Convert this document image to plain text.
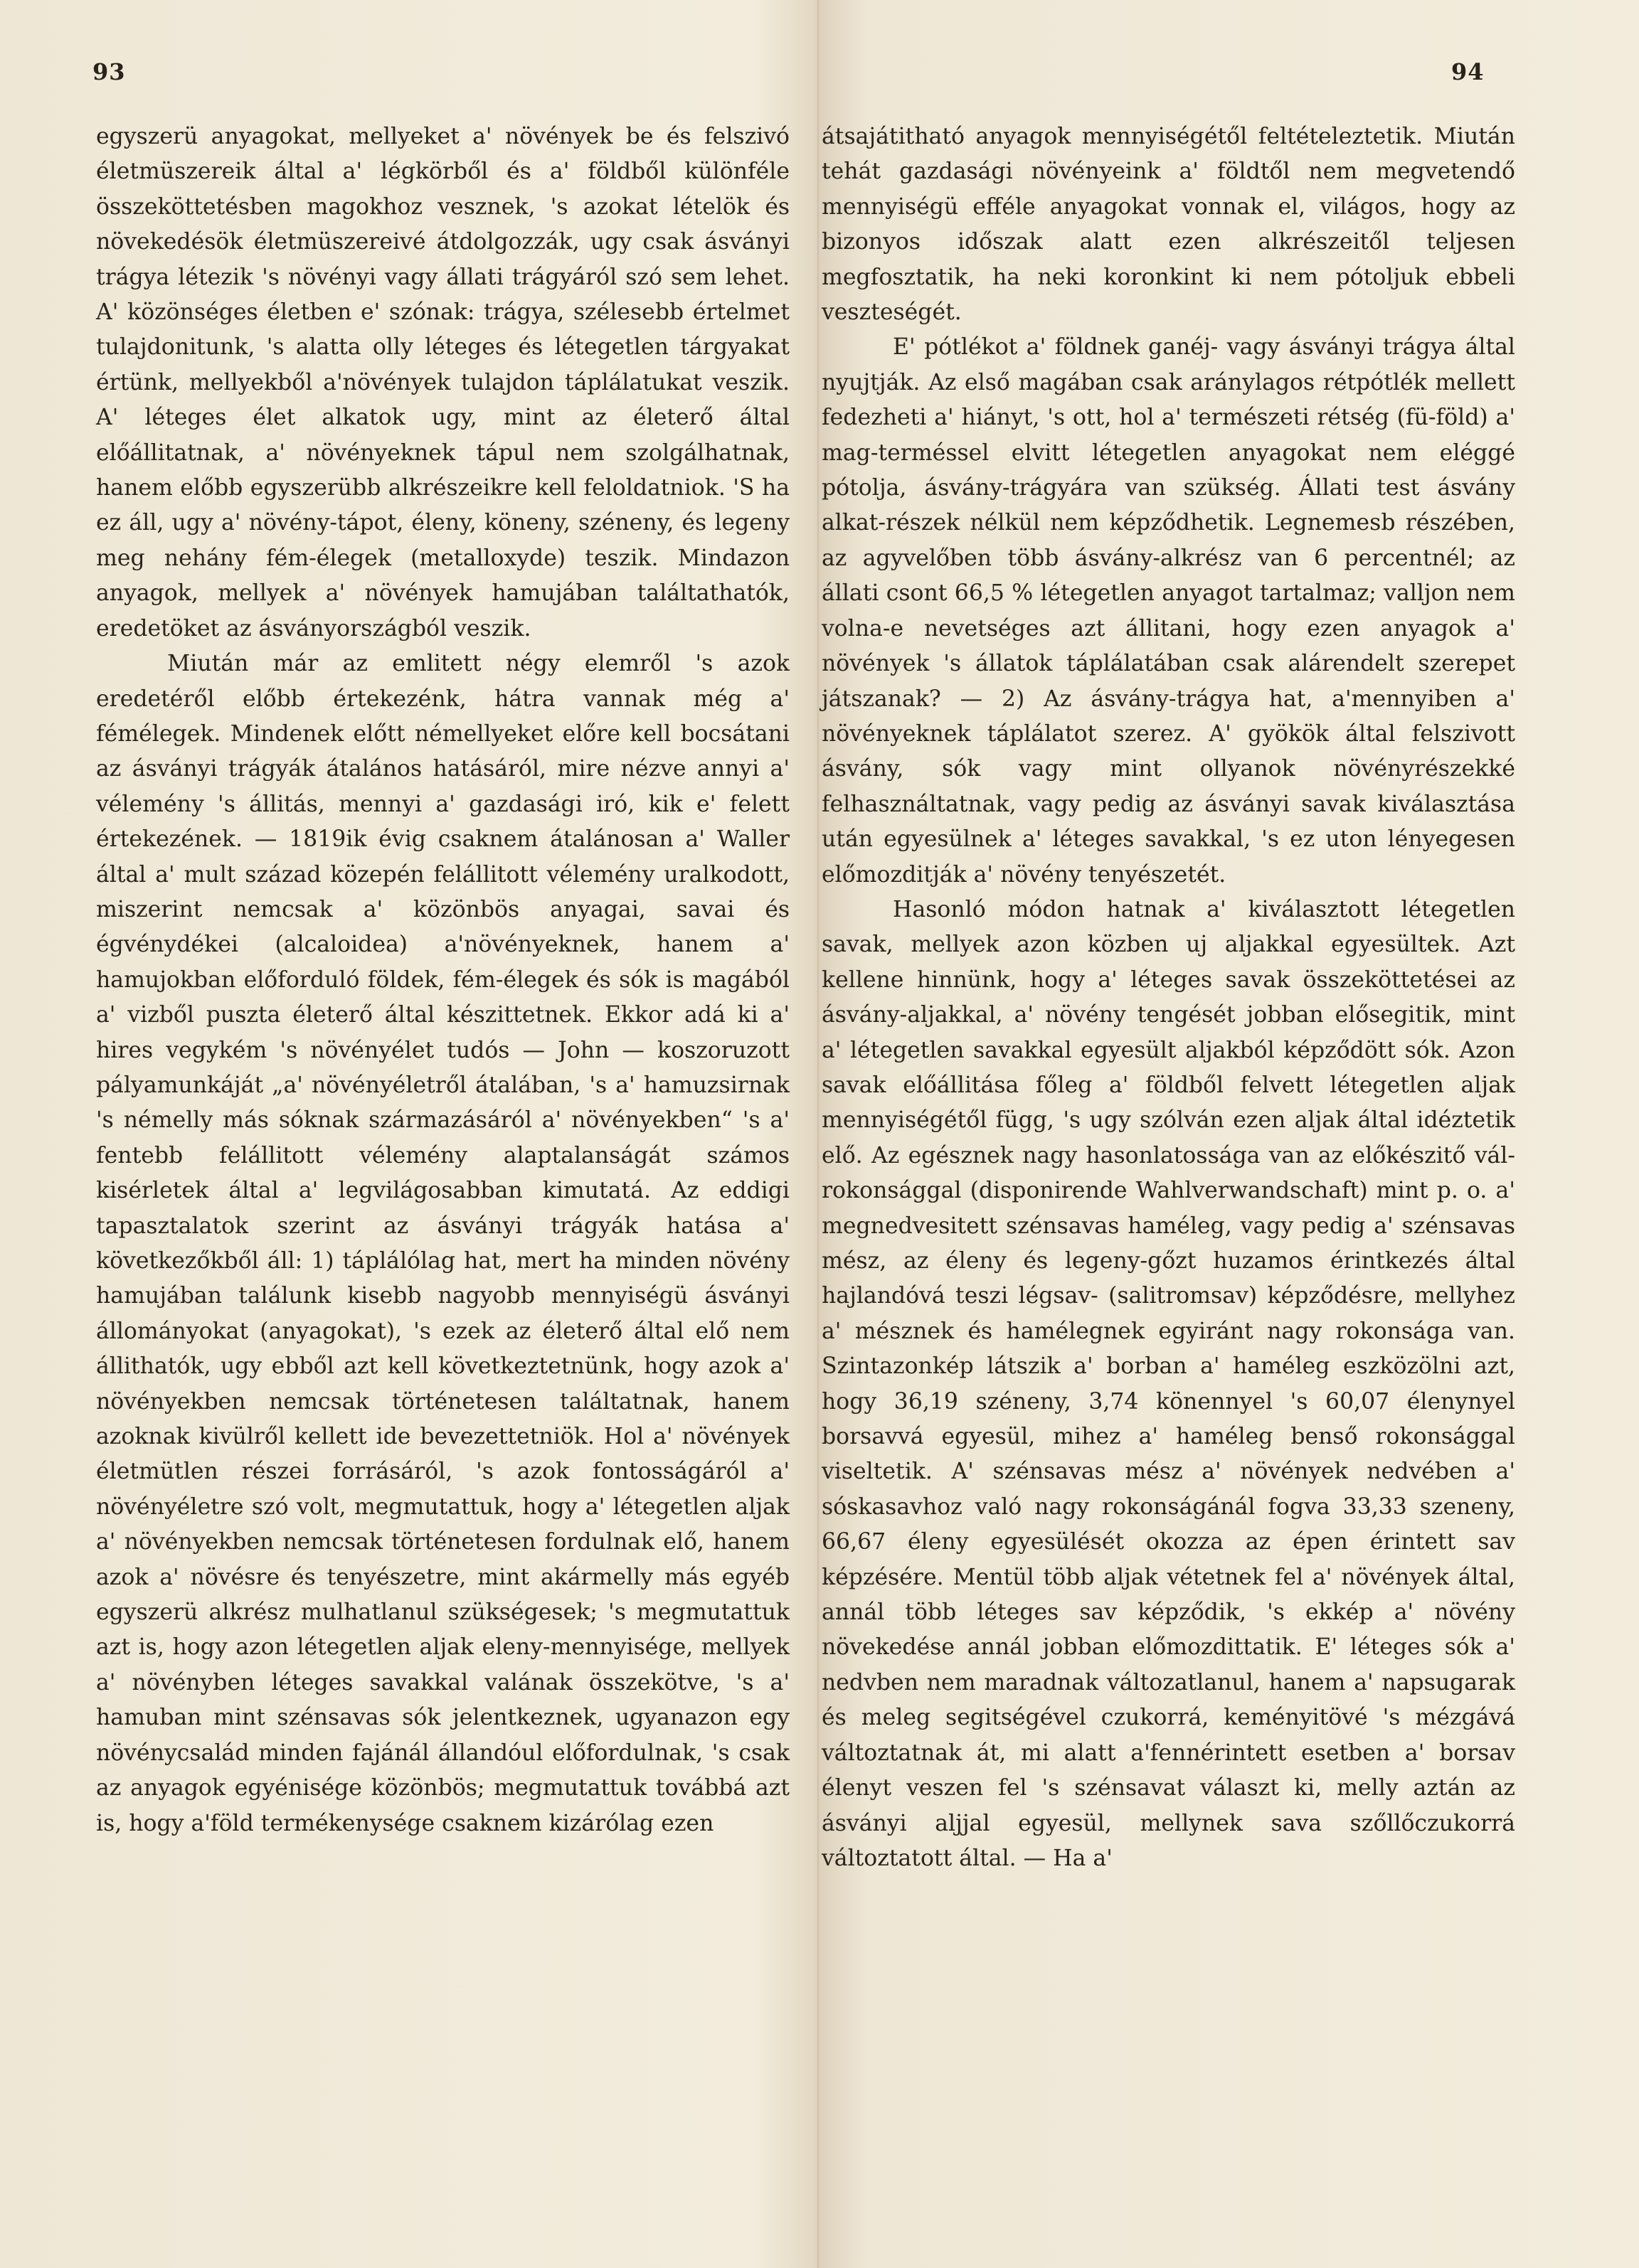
93	94

egyszerü anyagokat, mellyeket a' növények be és felszivó életmüszereik által a' légkörből és a' földből különféle összeköttetésben magokhoz vesznek, 's azokat lételök és növekedésök életmüszereivé átdolgozzák, ugy csak ásványi trágya létezik 's növényi vagy állati trágyáról szó sem lehet. A' közönséges életben e' szónak: trágya, szélesebb értelmet tulajdonitunk, 's alatta olly léteges és létegetlen tárgyakat értünk, mellyekből a'növények tulajdon táplálatukat veszik. A' léteges élet alkatok ugy, mint az életerő által előállitatnak, a' növényeknek tápul nem szolgálhatnak, hanem előbb egyszerübb alkrészeikre kell feloldatniok. 'S ha ez áll, ugy a' növény-tápot, éleny, köneny, széneny, és legeny meg nehány fém-élegek (metalloxyde) teszik. Mindazon anyagok, mellyek a' növények hamujában találtathatók, eredetöket az ásványországból veszik.

Miután már az emlitett négy elemről 's azok eredetéről előbb értekezénk, hátra vannak még a' fémélegek. Mindenek előtt némellyeket előre kell bocsátani az ásványi trágyák átalános hatásáról, mire nézve annyi a' vélemény 's állitás, mennyi a' gazdasági iró, kik e' felett értekezének. — 1819ik évig csaknem átalánosan a' Waller által a' mult század közepén felállitott vélemény uralkodott, miszerint nemcsak a' közönbös anyagai, savai és égvénydékei (alcaloidea) a'növényeknek, hanem a' hamujokban előforduló földek, fém-élegek és sók is magából a' vizből puszta életerő által készittetnek. Ekkor adá ki a' hires vegykém 's növényélet tudós — John — koszoruzott pályamunkáját „a' növényéletről átalában, 's a' hamuzsirnak 's némelly más sóknak származásáról a' növényekben“ 's a' fentebb felállitott vélemény alaptalanságát számos kisérletek által a' legvilágosabban kimutatá. Az eddigi tapasztalatok szerint az ásványi trágyák hatása a' következőkből áll: 1) táplálólag hat, mert ha minden növény hamujában találunk kisebb nagyobb mennyiségü ásványi állományokat (anyagokat), 's ezek az életerő által elő nem állithatók, ugy ebből azt kell következtetnünk, hogy azok a' növényekben nemcsak történetesen találtatnak, hanem azoknak kivülről kellett ide bevezettetniök. Hol a' növények életmütlen részei forrásáról, 's azok fontosságáról a' növényéletre szó volt, megmutattuk, hogy a' létegetlen aljak a' növényekben nemcsak történetesen fordulnak elő, hanem azok a' növésre és tenyészetre, mint akármelly más egyéb egyszerü alkrész mulhatlanul szükségesek; 's megmutattuk azt is, hogy azon létegetlen aljak eleny-mennyisége, mellyek a' növényben léteges savakkal valának összekötve, 's a' hamuban mint szénsavas sók jelentkeznek, ugyanazon egy növénycsalád minden fajánál állandóul előfordulnak, 's csak az anyagok egyénisége közönbös; megmutattuk továbbá azt is, hogy a'föld termékenysége csaknem kizárólag ezen

átsajátitható anyagok mennyiségétől feltételeztetik. Miután tehát gazdasági növényeink a' földtől nem megvetendő mennyiségü efféle anyagokat vonnak el, világos, hogy az bizonyos időszak alatt ezen alkrészeitől teljesen megfosztatik, ha neki koronkint ki nem pótoljuk ebbeli veszteségét.

E' pótlékot a' földnek ganéj- vagy ásványi trágya által nyujtják. Az első magában csak aránylagos rétpótlék mellett fedezheti a' hiányt, 's ott, hol a' természeti rétség (fü-föld) a' mag-terméssel elvitt létegetlen anyagokat nem eléggé pótolja, ásvány-trágyára van szükség. Állati test ásvány alkat-részek nélkül nem képződhetik. Legnemesb részében, az agyvelőben több ásvány-alkrész van 6 percentnél; az állati csont 66,5 % létegetlen anyagot tartalmaz; valljon nem volna-e nevetséges azt állitani, hogy ezen anyagok a' növények 's állatok táplálatában csak alárendelt szerepet játszanak? — 2) Az ásvány-trágya hat, a'mennyiben a' növényeknek táplálatot szerez. A' gyökök által felszivott ásvány, sók vagy mint ollyanok növényrészekké felhasználtatnak, vagy pedig az ásványi savak kiválasztása után egyesülnek a' léteges savakkal, 's ez uton lényegesen előmozditják a' növény tenyészetét.

Hasonló módon hatnak a' kiválasztott létegetlen savak, mellyek azon közben uj aljakkal egyesültek. Azt kellene hinnünk, hogy a' léteges savak összeköttetései az ásvány-aljakkal, a' növény tengését jobban elősegitik, mint a' létegetlen savakkal egyesült aljakból képződött sók. Azon savak előállitása főleg a' földből felvett létegetlen aljak mennyiségétől függ, 's ugy szólván ezen aljak által idéztetik elő. Az egésznek nagy hasonlatossága van az előkészitő vál-rokonsággal (disponirende Wahlverwandschaft) mint p. o. a' megnedvesitett szénsavas haméleg, vagy pedig a' szénsavas mész, az éleny és legeny-gőzt huzamos érintkezés által hajlandóvá teszi légsav- (salitromsav) képződésre, mellyhez a' mésznek és hamélegnek egyiránt nagy rokonsága van. Szintazonkép látszik a' borban a' haméleg eszközölni azt, hogy 36,19 széneny, 3,74 könennyel 's 60,07 élenynyel borsavvá egyesül, mihez a' haméleg benső rokonsággal viseltetik. A' szénsavas mész a' növények nedvében a' sóskasavhoz való nagy rokonságánál fogva 33,33 szeneny, 66,67 éleny egyesülését okozza az épen érintett sav képzésére. Mentül több aljak vétetnek fel a' növények által, annál több léteges sav képződik, 's ekkép a' növény növekedése annál jobban előmozdittatik. E' léteges sók a' nedvben nem maradnak változatlanul, hanem a' napsugarak és meleg segitségével czukorrá, keményitövé 's mézgává változtatnak át, mi alatt a'fennérintett esetben a' borsav élenyt veszen fel 's szénsavat választ ki, melly aztán az ásványi aljjal egyesül, mellynek sava szőllőczukorrá változtatott által. — Ha a'
